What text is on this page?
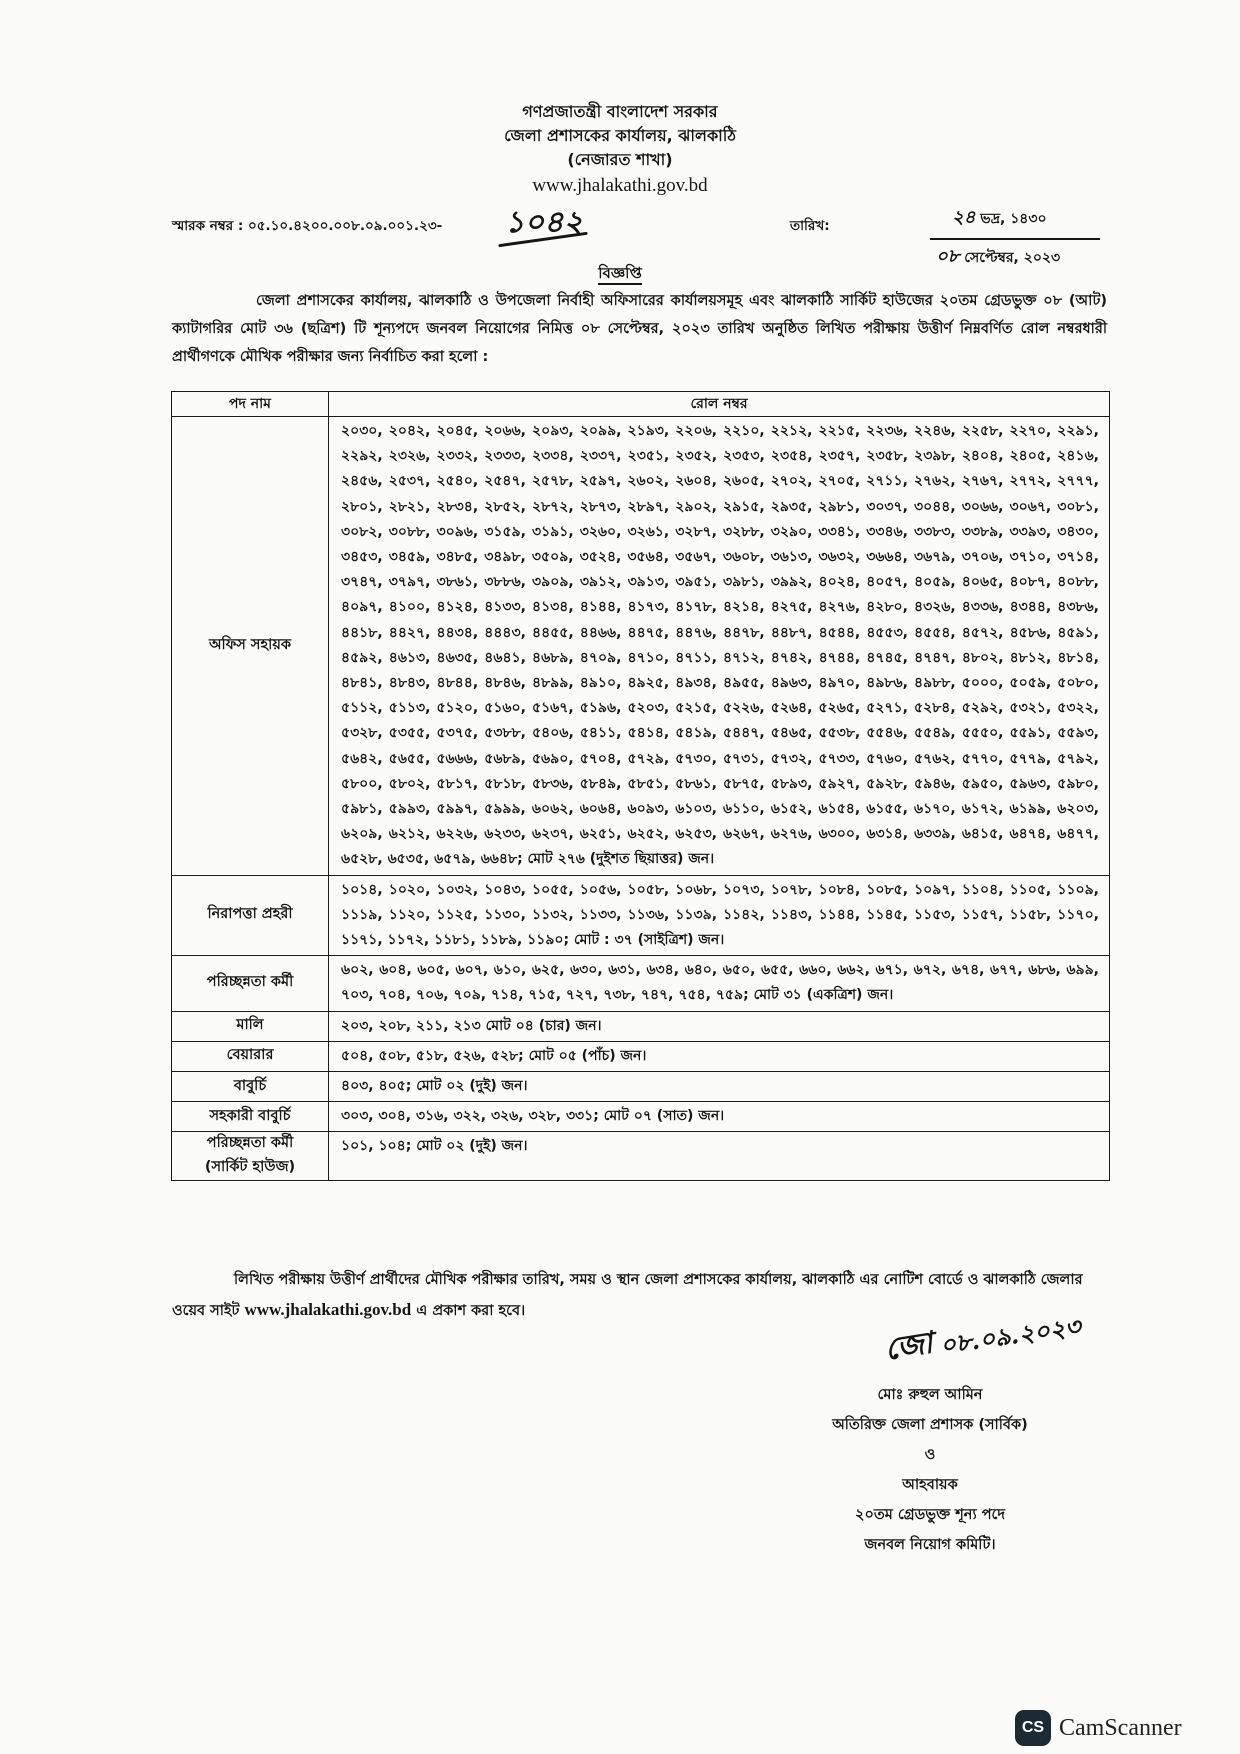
গণপ্রজাতন্ত্রী বাংলাদেশ সরকার
জেলা প্রশাসকের কার্যালয়, ঝালকাঠি
(নেজারত শাখা)
www.jhalakathi.gov.bd
স্মারক নম্বর : ০৫.১০.৪২০০.০০৮.০৯.০০১.২৩- ১০৪২	তারিখ:	২৪ ভদ্র, ১৪৩০
০৮ সেপ্টেম্বর, ২০২৩
বিজ্ঞপ্তি
জেলা প্রশাসকের কার্যালয়, ঝালকাঠি ও উপজেলা নির্বাহী অফিসারের কার্যালয়সমূহ এবং ঝালকাঠি সার্কিট হাউজের ২০তম গ্রেডভুক্ত ০৮ (আট) ক্যাটাগরির মোট ৩৬ (ছত্রিশ) টি শূন্যপদে জনবল নিয়োগের নিমিত্ত ০৮ সেপ্টেম্বর, ২০২৩ তারিখ অনুষ্ঠিত লিখিত পরীক্ষায় উত্তীর্ণ নিম্নবর্ণিত রোল নম্বরধারী প্রার্থীগণকে মৌখিক পরীক্ষার জন্য নির্বাচিত করা হলো :
পদ নাম	রোল নম্বর
অফিস সহায়ক	২০৩০, ২০৪২, ২০৪৫, ২০৬৬, ২০৯৩, ২০৯৯, ২১৯৩, ২২০৬, ২২১০, ২২১২, ২২১৫, ২২৩৬, ২২৪৬, ২২৫৮, ২২৭০, ২২৯১, ২২৯২, ২৩২৬, ২৩৩২, ২৩৩৩, ২৩৩৪, ২৩৩৭, ২৩৫১, ২৩৫২, ২৩৫৩, ২৩৫৪, ২৩৫৭, ২৩৫৮, ২৩৯৮, ২৪০৪, ২৪০৫, ২৪১৬, ২৪৫৬, ২৫৩৭, ২৫৪০, ২৫৪৭, ২৫৭৮, ২৫৯৭, ২৬০২, ২৬০৪, ২৬০৫, ২৭০২, ২৭০৫, ২৭১১, ২৭৬২, ২৭৬৭, ২৭৭২, ২৭৭৭, ২৮০১, ২৮২১, ২৮৩৪, ২৮৫২, ২৮৭২, ২৮৭৩, ২৮৯৭, ২৯০২, ২৯১৫, ২৯৩৫, ২৯৮১, ৩০৩৭, ৩০৪৪, ৩০৬৬, ৩০৬৭, ৩০৮১, ৩০৮২, ৩০৮৮, ৩০৯৬, ৩১৫৯, ৩১৯১, ৩২৬০, ৩২৬১, ৩২৮৭, ৩২৮৮, ৩২৯০, ৩৩৪১, ৩৩৪৬, ৩৩৮৩, ৩৩৮৯, ৩৩৯৩, ৩৪৩০, ৩৪৫৩, ৩৪৫৯, ৩৪৮৫, ৩৪৯৮, ৩৫০৯, ৩৫২৪, ৩৫৬৪, ৩৫৬৭, ৩৬০৮, ৩৬১৩, ৩৬৩২, ৩৬৬৪, ৩৬৭৯, ৩৭০৬, ৩৭১০, ৩৭১৪, ৩৭৪৭, ৩৭৯৭, ৩৮৬১, ৩৮৮৬, ৩৯০৯, ৩৯১২, ৩৯১৩, ৩৯৫১, ৩৯৮১, ৩৯৯২, ৪০২৪, ৪০৫৭, ৪০৫৯, ৪০৬৫, ৪০৮৭, ৪০৮৮, ৪০৯৭, ৪১০০, ৪১২৪, ৪১৩৩, ৪১৩৪, ৪১৪৪, ৪১৭৩, ৪১৭৮, ৪২১৪, ৪২৭৫, ৪২৭৬, ৪২৮০, ৪৩২৬, ৪৩৩৬, ৪৩৪৪, ৪৩৮৬, ৪৪১৮, ৪৪২৭, ৪৪৩৪, ৪৪৪৩, ৪৪৫৫, ৪৪৬৬, ৪৪৭৫, ৪৪৭৬, ৪৪৭৮, ৪৪৮৭, ৪৫৪৪, ৪৫৫৩, ৪৫৫৪, ৪৫৭২, ৪৫৮৬, ৪৫৯১, ৪৫৯২, ৪৬১৩, ৪৬৩৫, ৪৬৪১, ৪৬৮৯, ৪৭০৯, ৪৭১০, ৪৭১১, ৪৭১২, ৪৭৪২, ৪৭৪৪, ৪৭৪৫, ৪৭৪৭, ৪৮০২, ৪৮১২, ৪৮১৪, ৪৮৪১, ৪৮৪৩, ৪৮৪৪, ৪৮৪৬, ৪৮৯৯, ৪৯১০, ৪৯২৫, ৪৯৩৪, ৪৯৫৫, ৪৯৬৩, ৪৯৭০, ৪৯৮৬, ৪৯৮৮, ৫০০০, ৫০৫৯, ৫০৮০, ৫১১২, ৫১১৩, ৫১২০, ৫১৬০, ৫১৬৭, ৫১৯৬, ৫২০৩, ৫২১৫, ৫২২৬, ৫২৬৪, ৫২৬৫, ৫২৭১, ৫২৮৪, ৫২৯২, ৫৩২১, ৫৩২২, ৫৩২৮, ৫৩৫৫, ৫৩৭৫, ৫৩৮৮, ৫৪০৬, ৫৪১১, ৫৪১৪, ৫৪১৯, ৫৪৪৭, ৫৪৬৫, ৫৫৩৮, ৫৫৪৬, ৫৫৪৯, ৫৫৫০, ৫৫৯১, ৫৫৯৩, ৫৬৪২, ৫৬৫৫, ৫৬৬৬, ৫৬৮৯, ৫৬৯০, ৫৭০৪, ৫৭২৯, ৫৭৩০, ৫৭৩১, ৫৭৩২, ৫৭৩৩, ৫৭৬০, ৫৭৬২, ৫৭৭০, ৫৭৭৯, ৫৭৯২, ৫৮০০, ৫৮০২, ৫৮১৭, ৫৮১৮, ৫৮৩৬, ৫৮৪৯, ৫৮৫১, ৫৮৬১, ৫৮৭৫, ৫৮৯৩, ৫৯২৭, ৫৯২৮, ৫৯৪৬, ৫৯৫০, ৫৯৬৩, ৫৯৮০, ৫৯৮১, ৫৯৯৩, ৫৯৯৭, ৫৯৯৯, ৬০৬২, ৬০৬৪, ৬০৯৩, ৬১০৩, ৬১১০, ৬১৫২, ৬১৫৪, ৬১৫৫, ৬১৭০, ৬১৭২, ৬১৯৯, ৬২০৩, ৬২০৯, ৬২১২, ৬২২৬, ৬২৩৩, ৬২৩৭, ৬২৫১, ৬২৫২, ৬২৫৩, ৬২৬৭, ৬২৭৬, ৬৩০০, ৬৩১৪, ৬৩৩৯, ৬৪১৫, ৬৪৭৪, ৬৪৭৭, ৬৫২৮, ৬৫৩৫, ৬৫৭৯, ৬৬৪৮; মোট ২৭৬ (দুইশত ছিয়াত্তর) জন।
নিরাপত্তা প্রহরী	১০১৪, ১০২০, ১০৩২, ১০৪৩, ১০৫৫, ১০৫৬, ১০৫৮, ১০৬৮, ১০৭৩, ১০৭৮, ১০৮৪, ১০৮৫, ১০৯৭, ১১০৪, ১১০৫, ১১০৯, ১১১৯, ১১২০, ১১২৫, ১১৩০, ১১৩২, ১১৩৩, ১১৩৬, ১১৩৯, ১১৪২, ১১৪৩, ১১৪৪, ১১৪৫, ১১৫৩, ১১৫৭, ১১৫৮, ১১৭০, ১১৭১, ১১৭২, ১১৮১, ১১৮৯, ১১৯০; মোট : ৩৭ (সাইত্রিশ) জন।
পরিচ্ছন্নতা কর্মী	৬০২, ৬০৪, ৬০৫, ৬০৭, ৬১০, ৬২৫, ৬৩০, ৬৩১, ৬৩৪, ৬৪০, ৬৫০, ৬৫৫, ৬৬০, ৬৬২, ৬৭১, ৬৭২, ৬৭৪, ৬৭৭, ৬৮৬, ৬৯৯, ৭০৩, ৭০৪, ৭০৬, ৭০৯, ৭১৪, ৭১৫, ৭২৭, ৭৩৮, ৭৪৭, ৭৫৪, ৭৫৯; মোট ৩১ (একত্রিশ) জন।
মালি	২০৩, ২০৮, ২১১, ২১৩ মোট ০৪ (চার) জন।
বেয়ারার	৫০৪, ৫০৮, ৫১৮, ৫২৬, ৫২৮; মোট ০৫ (পাঁচ) জন।
বাবুর্চি	৪০৩, ৪০৫; মোট ০২ (দুই) জন।
সহকারী বাবুর্চি	৩০৩, ৩০৪, ৩১৬, ৩২২, ৩২৬, ৩২৮, ৩৩১; মোট ০৭ (সাত) জন।

পরিচ্ছন্নতা কর্মী
(সার্কিট হাউজ)	১০১, ১০৪; মোট ০২ (দুই) জন।
লিখিত পরীক্ষায় উত্তীর্ণ প্রার্থীদের মৌখিক পরীক্ষার তারিখ, সময় ও স্থান জেলা প্রশাসকের কার্যালয়, ঝালকাঠি এর নোটিশ বোর্ডে ও ঝালকাঠি জেলার ওয়েব সাইট www.jhalakathi.gov.bd এ প্রকাশ করা হবে।
জো ০৮.০৯.২০২৩
মোঃ রুহুল আমিন
অতিরিক্ত জেলা প্রশাসক (সার্বিক)
ও
আহবায়ক
২০তম গ্রেডভুক্ত শূন্য পদে
জনবল নিয়োগ কমিটি।
CS CamScanner
